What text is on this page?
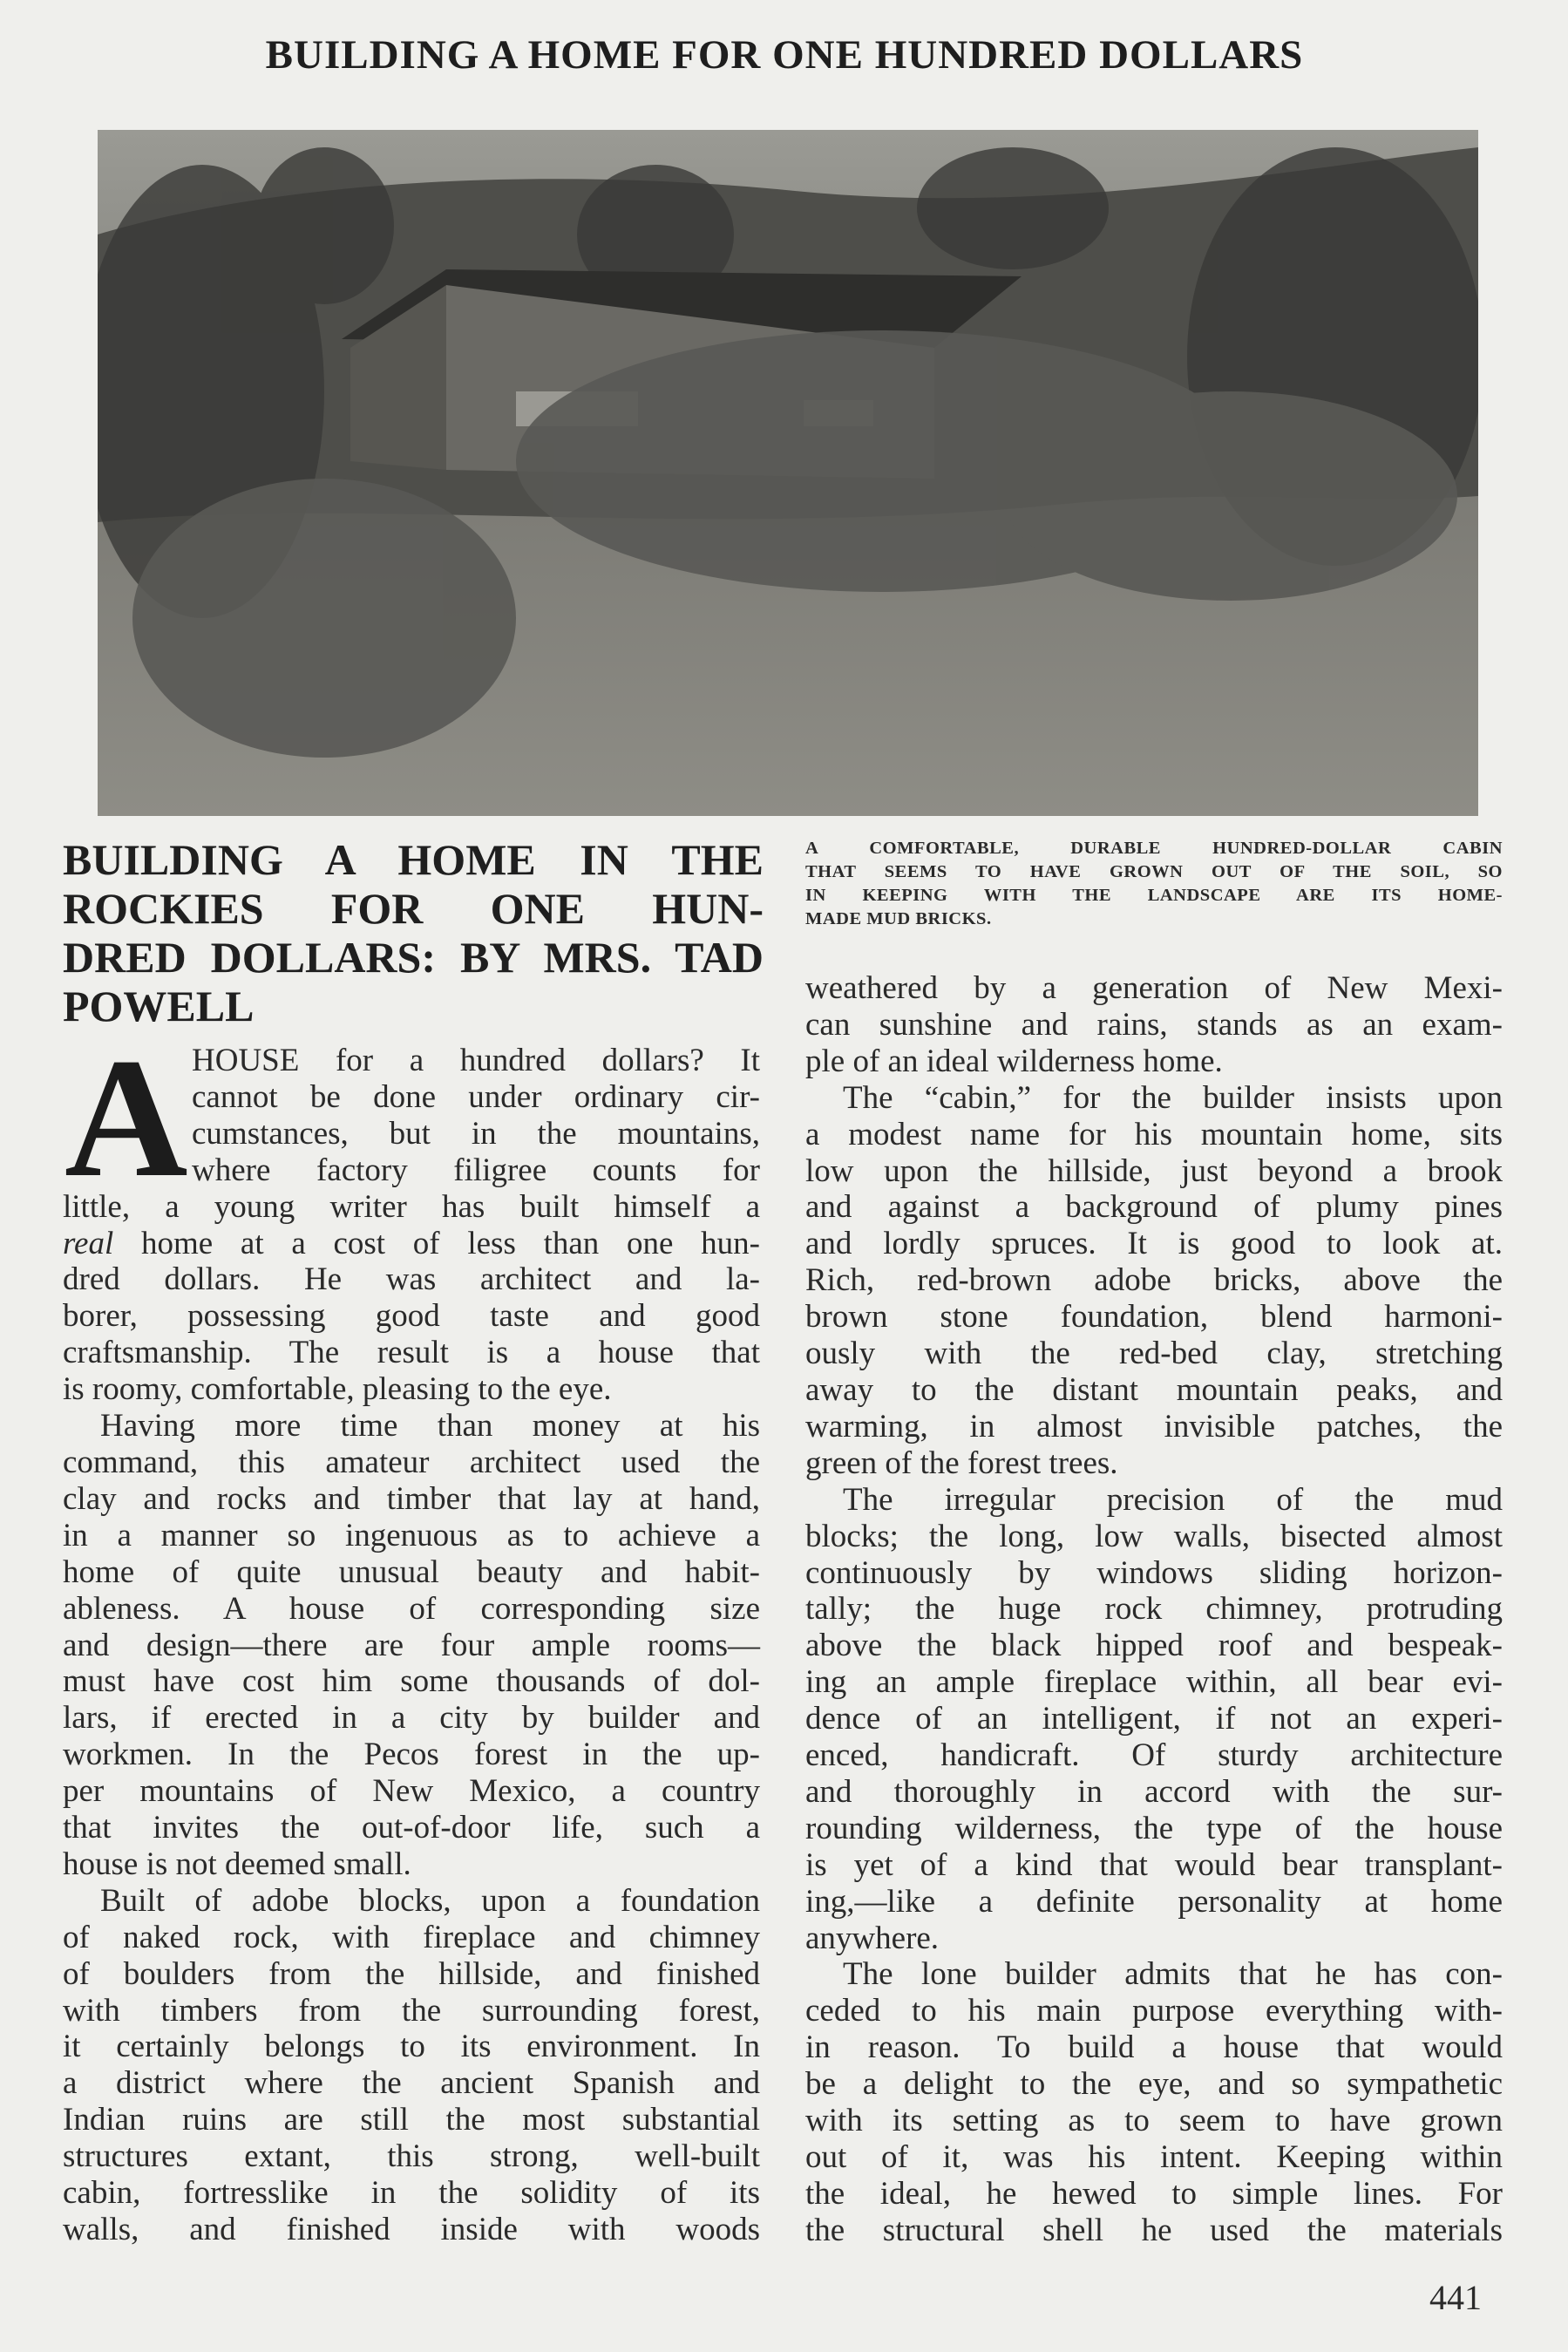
BUILDING A HOME FOR ONE HUNDRED DOLLARS
BUILDING A HOME IN THE
ROCKIES FOR ONE HUN-
DRED DOLLARS: BY MRS. TAD
POWELL
A COMFORTABLE, DURABLE HUNDRED-DOLLAR CABIN
THAT SEEMS TO HAVE GROWN OUT OF THE SOIL, SO
IN KEEPING WITH THE LANDSCAPE ARE ITS HOME-
MADE MUD BRICKS.
A HOUSE for a hundred dollars? It
cannot be done under ordinary cir-
cumstances, but in the mountains,
where factory filigree counts for
little, a young writer has built himself a
real home at a cost of less than one hun-
dred dollars. He was architect and la-
borer, possessing good taste and good
craftsmanship. The result is a house that
is roomy, comfortable, pleasing to the eye.
Having more time than money at his
command, this amateur architect used the
clay and rocks and timber that lay at hand,
in a manner so ingenuous as to achieve a
home of quite unusual beauty and habit-
ableness. A house of corresponding size
and design—there are four ample rooms—
must have cost him some thousands of dol-
lars, if erected in a city by builder and
workmen. In the Pecos forest in the up-
per mountains of New Mexico, a country
that invites the out-of-door life, such a
house is not deemed small.
Built of adobe blocks, upon a foundation
of naked rock, with fireplace and chimney
of boulders from the hillside, and finished
with timbers from the surrounding forest,
it certainly belongs to its environment. In
a district where the ancient Spanish and
Indian ruins are still the most substantial
structures extant, this strong, well-built
cabin, fortresslike in the solidity of its
walls, and finished inside with woods
weathered by a generation of New Mexi-
can sunshine and rains, stands as an exam-
ple of an ideal wilderness home.
The “cabin,” for the builder insists upon
a modest name for his mountain home, sits
low upon the hillside, just beyond a brook
and against a background of plumy pines
and lordly spruces. It is good to look at.
Rich, red-brown adobe bricks, above the
brown stone foundation, blend harmoni-
ously with the red-bed clay, stretching
away to the distant mountain peaks, and
warming, in almost invisible patches, the
green of the forest trees.
The irregular precision of the mud
blocks; the long, low walls, bisected almost
continuously by windows sliding horizon-
tally; the huge rock chimney, protruding
above the black hipped roof and bespeak-
ing an ample fireplace within, all bear evi-
dence of an intelligent, if not an experi-
enced, handicraft. Of sturdy architecture
and thoroughly in accord with the sur-
rounding wilderness, the type of the house
is yet of a kind that would bear transplant-
ing,—like a definite personality at home
anywhere.
The lone builder admits that he has con-
ceded to his main purpose everything with-
in reason. To build a house that would
be a delight to the eye, and so sympathetic
with its setting as to seem to have grown
out of it, was his intent. Keeping within
the ideal, he hewed to simple lines. For
the structural shell he used the materials
441
